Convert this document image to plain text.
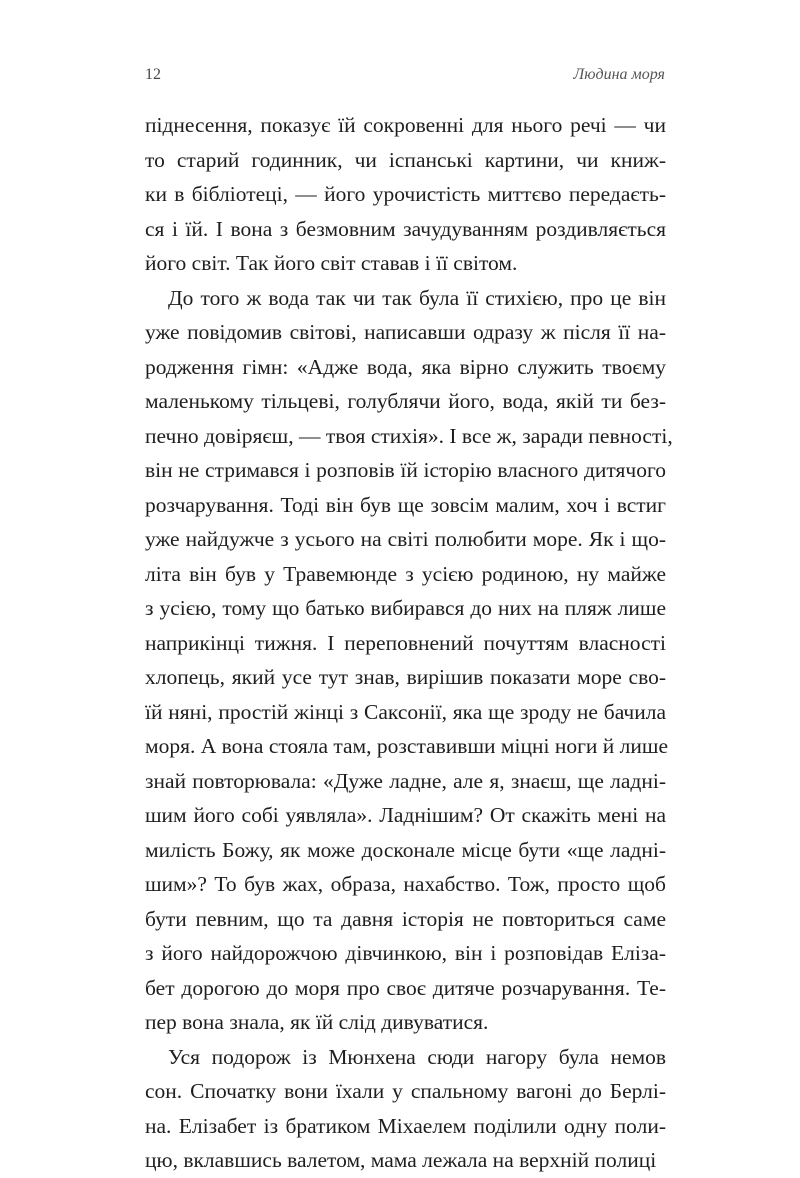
12	Людина моря
піднесення, показує їй сокровенні для нього речі — чи
то старий годинник, чи іспанські картини, чи книж-
ки в бібліотеці, — його урочистість миттєво передаєть-
ся і їй. І вона з безмовним зачудуванням роздивляється
його світ. Так його світ ставав і її світом.
До того ж вода так чи так була її стихією, про це він
уже повідомив світові, написавши одразу ж після її на-
родження гімн: «Адже вода, яка вірно служить твоєму
маленькому тільцеві, голублячи його, вода, якій ти без-
печно довіряєш, — твоя стихія». І все ж, заради певності,
він не стримався і розповів їй історію власного дитячого
розчарування. Тоді він був ще зовсім малим, хоч і встиг
уже найдужче з усього на світі полюбити море. Як і що-
літа він був у Травемюнде з усією родиною, ну майже
з усією, тому що батько вибирався до них на пляж лише
наприкінці тижня. І переповнений почуттям власності
хлопець, який усе тут знав, вирішив показати море сво-
їй няні, простій жінці з Саксонії, яка ще зроду не бачила
моря. А вона стояла там, розставивши міцні ноги й лише
знай повторювала: «Дуже ладне, але я, знаєш, ще ладні-
шим його собі уявляла». Ладнішим? От скажіть мені на
милість Божу, як може досконале місце бути «ще ладні-
шим»? То був жах, образа, нахабство. Тож, просто щоб
бути певним, що та давня історія не повториться саме
з його найдорожчою дівчинкою, він і розповідав Елізa-
бет дорогою до моря про своє дитяче розчарування. Те-
пер вона знала, як їй слід дивуватися.
Уся подорож із Мюнхена сюди нагору була немов
сон. Спочатку вони їхали у спальному вагоні до Берлі-
на. Елізабет із братиком Міхаелем поділили одну поли-
цю, вклавшись валетом, мама лежала на верхній полиці
